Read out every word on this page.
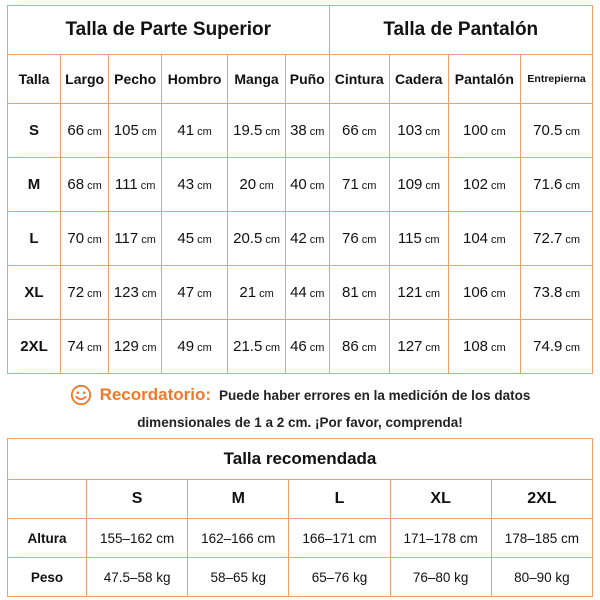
Talla de Parte Superior						Talla de Pantalón			
Talla	Largo	Pecho	Hombro	Manga	Puño	Cintura	Cadera	Pantalón	Entrepierna
S	66 cm	105 cm	41 cm	19.5 cm	38 cm	66 cm	103 cm	100 cm	70.5 cm
M	68 cm	111 cm	43 cm	20 cm	40 cm	71 cm	109 cm	102 cm	71.6 cm
L	70 cm	117 cm	45 cm	20.5 cm	42 cm	76 cm	115 cm	104 cm	72.7 cm
XL	72 cm	123 cm	47 cm	21 cm	44 cm	81 cm	121 cm	106 cm	73.8 cm
2XL	74 cm	129 cm	49 cm	21.5 cm	46 cm	86 cm	127 cm	108 cm	74.9 cm
Recordatorio: Puede haber errores en la medición de los datos
dimensionales de 1 a 2 cm. ¡Por favor, comprenda!
Talla recomendada					
	S	M	L	XL	2XL
Altura	155–162 cm	162–166 cm	166–171 cm	171–178 cm	178–185 cm
Peso	47.5–58 kg	58–65 kg	65–76 kg	76–80 kg	80–90 kg
